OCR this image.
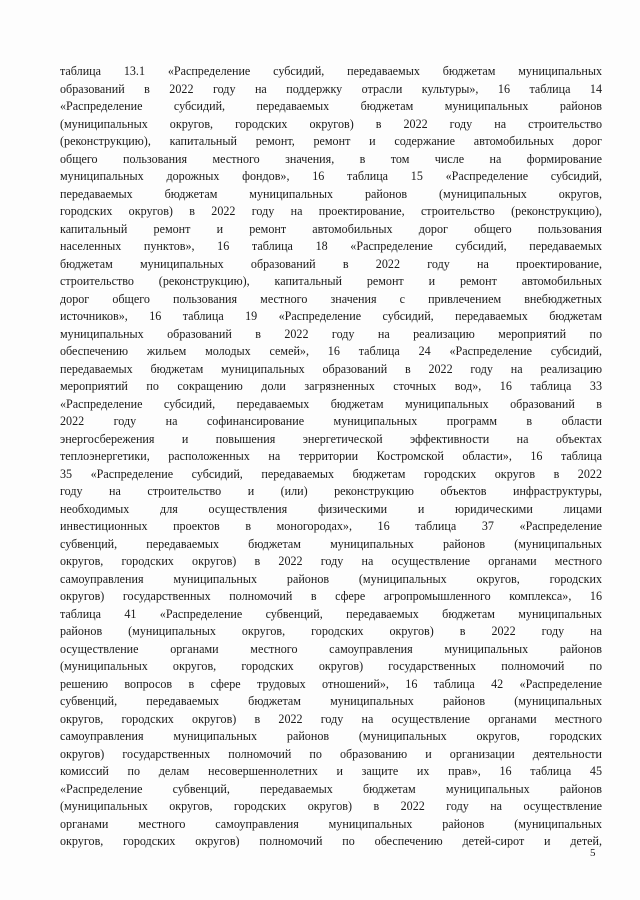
таблица 13.1 «Распределение субсидий, передаваемых бюджетам муниципальных
образований в 2022 году на поддержку отрасли культуры», 16 таблица 14
«Распределение субсидий, передаваемых бюджетам муниципальных районов
(муниципальных округов, городских округов) в 2022 году на строительство
(реконструкцию), капитальный ремонт, ремонт и содержание автомобильных дорог
общего пользования местного значения, в том числе на формирование
муниципальных дорожных фондов», 16 таблица 15 «Распределение субсидий,
передаваемых бюджетам муниципальных районов (муниципальных округов,
городских округов) в 2022 году на проектирование, строительство (реконструкцию),
капитальный ремонт и ремонт автомобильных дорог общего пользования
населенных пунктов», 16 таблица 18 «Распределение субсидий, передаваемых
бюджетам муниципальных образований в 2022 году на проектирование,
строительство (реконструкцию), капитальный ремонт и ремонт автомобильных
дорог общего пользования местного значения с привлечением внебюджетных
источников», 16 таблица 19 «Распределение субсидий, передаваемых бюджетам
муниципальных образований в 2022 году на реализацию мероприятий по
обеспечению жильем молодых семей», 16 таблица 24 «Распределение субсидий,
передаваемых бюджетам муниципальных образований в 2022 году на реализацию
мероприятий по сокращению доли загрязненных сточных вод», 16 таблица 33
«Распределение субсидий, передаваемых бюджетам муниципальных образований в
2022 году на софинансирование муниципальных программ в области
энергосбережения и повышения энергетической эффективности на объектах
теплоэнергетики, расположенных на территории Костромской области», 16 таблица
35 «Распределение субсидий, передаваемых бюджетам городских округов в 2022
году на строительство и (или) реконструкцию объектов инфраструктуры,
необходимых для осуществления физическими и юридическими лицами
инвестиционных проектов в моногородах», 16 таблица 37 «Распределение
субвенций, передаваемых бюджетам муниципальных районов (муниципальных
округов, городских округов) в 2022 году на осуществление органами местного
самоуправления муниципальных районов (муниципальных округов, городских
округов) государственных полномочий в сфере агропромышленного комплекса», 16
таблица 41 «Распределение субвенций, передаваемых бюджетам муниципальных
районов (муниципальных округов, городских округов) в 2022 году на
осуществление органами местного самоуправления муниципальных районов
(муниципальных округов, городских округов) государственных полномочий по
решению вопросов в сфере трудовых отношений», 16 таблица 42 «Распределение
субвенций, передаваемых бюджетам муниципальных районов (муниципальных
округов, городских округов) в 2022 году на осуществление органами местного
самоуправления муниципальных районов (муниципальных округов, городских
округов) государственных полномочий по образованию и организации деятельности
комиссий по делам несовершеннолетних и защите их прав», 16 таблица 45
«Распределение субвенций, передаваемых бюджетам муниципальных районов
(муниципальных округов, городских округов) в 2022 году на осуществление
органами местного самоуправления муниципальных районов (муниципальных
округов, городских округов) полномочий по обеспечению детей-сирот и детей,
5
